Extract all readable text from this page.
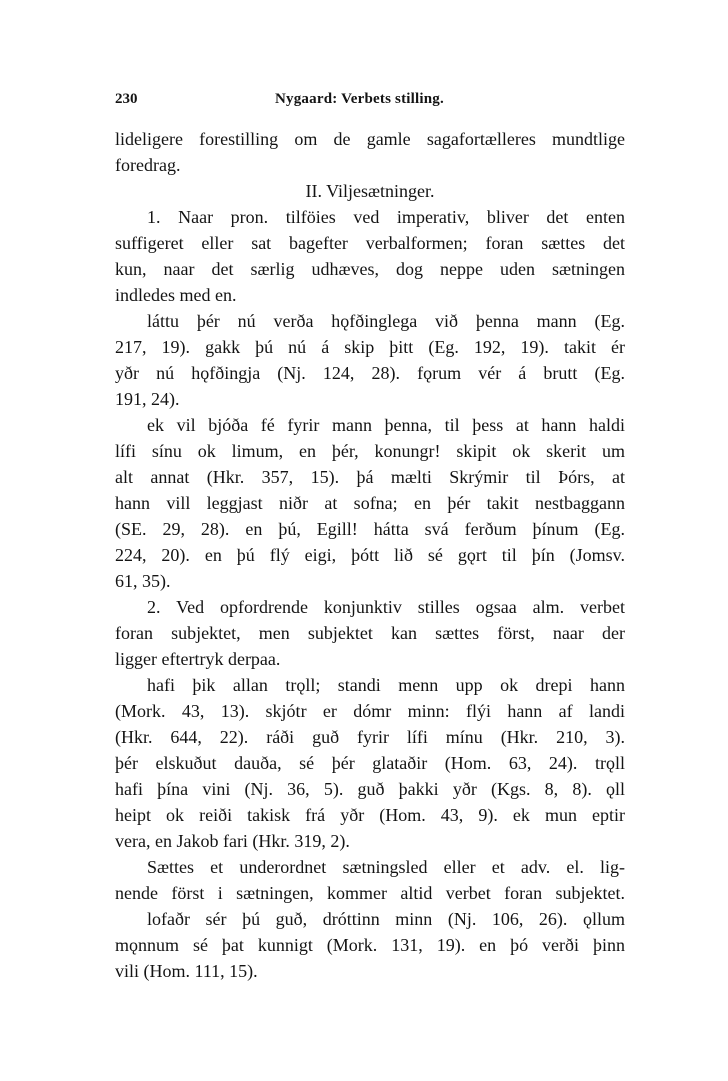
230	Nygaard: Verbets stilling.
lideligere forestilling om de gamle sagafortælleres mundtlige
foredrag.
II. Viljesætninger.
1. Naar pron. tilföies ved imperativ, bliver det enten
suffigeret eller sat bagefter verbalformen; foran sættes det
kun, naar det særlig udhæves, dog neppe uden sætningen
indledes med en.
láttu þér nú verða hǫfðinglega við þenna mann (Eg.
217, 19). gakk þú nú á skip þitt (Eg. 192, 19). takit ér
yðr nú hǫfðingja (Nj. 124, 28). fǫrum vér á brutt (Eg.
191, 24).
ek vil bjóða fé fyrir mann þenna, til þess at hann haldi
lífi sínu ok limum, en þér, konungr! skipit ok skerit um
alt annat (Hkr. 357, 15). þá mælti Skrýmir til Þórs, at
hann vill leggjast niðr at sofna; en þér takit nestbaggann
(SE. 29, 28). en þú, Egill! hátta svá ferðum þínum (Eg.
224, 20). en þú flý eigi, þótt lið sé gǫrt til þín (Jomsv.
61, 35).
2. Ved opfordrende konjunktiv stilles ogsaa alm. verbet
foran subjektet, men subjektet kan sættes först, naar der
ligger eftertryk derpaa.
hafi þik allan trǫll; standi menn upp ok drepi hann
(Mork. 43, 13). skjótr er dómr minn: flýi hann af landi
(Hkr. 644, 22). ráði guð fyrir lífi mínu (Hkr. 210, 3).
þér elskuðut dauða, sé þér glataðir (Hom. 63, 24). trǫll
hafi þína vini (Nj. 36, 5). guð þakki yðr (Kgs. 8, 8). ǫll
heipt ok reiði takisk frá yðr (Hom. 43, 9). ek mun eptir
vera, en Jakob fari (Hkr. 319, 2).
Sættes et underordnet sætningsled eller et adv. el. lig-
nende först i sætningen, kommer altid verbet foran subjektet.
lofaðr sér þú guð, dróttinn minn (Nj. 106, 26). ǫllum
mǫnnum sé þat kunnigt (Mork. 131, 19). en þó verði þinn
vili (Hom. 111, 15).
